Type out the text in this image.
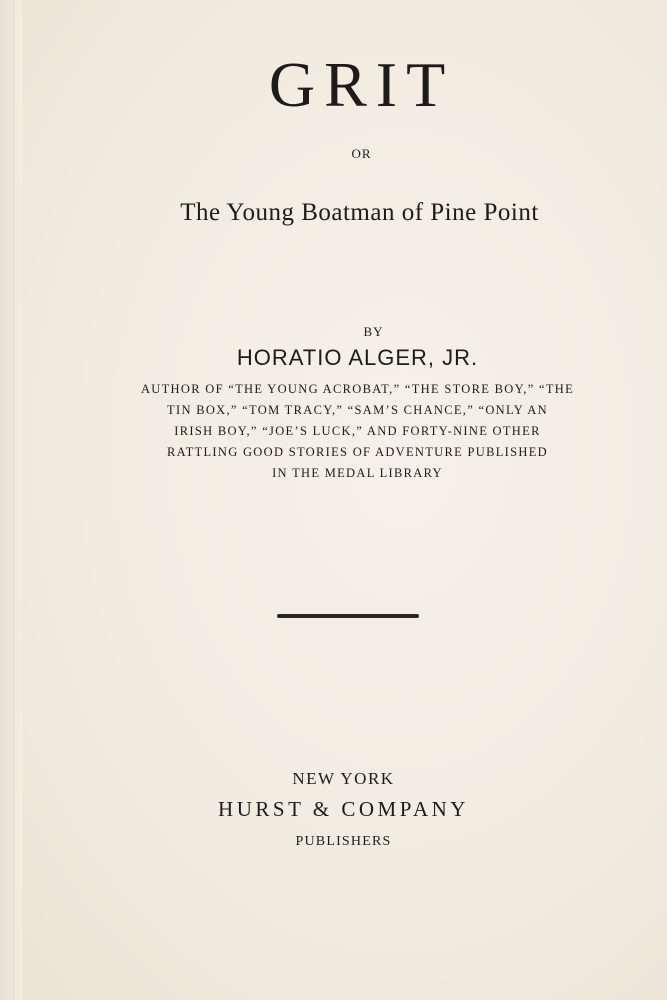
GRIT
OR
The Young Boatman of Pine Point
BY
HORATIO ALGER, JR.
AUTHOR OF “THE YOUNG ACROBAT,” “THE STORE BOY,” “THE
TIN BOX,” “TOM TRACY,” “SAM’S CHANCE,” “ONLY AN
IRISH BOY,” “JOE’S LUCK,” AND FORTY-NINE OTHER
RATTLING GOOD STORIES OF ADVENTURE PUBLISHED
IN THE MEDAL LIBRARY
NEW YORK
HURST & COMPANY
PUBLISHERS
